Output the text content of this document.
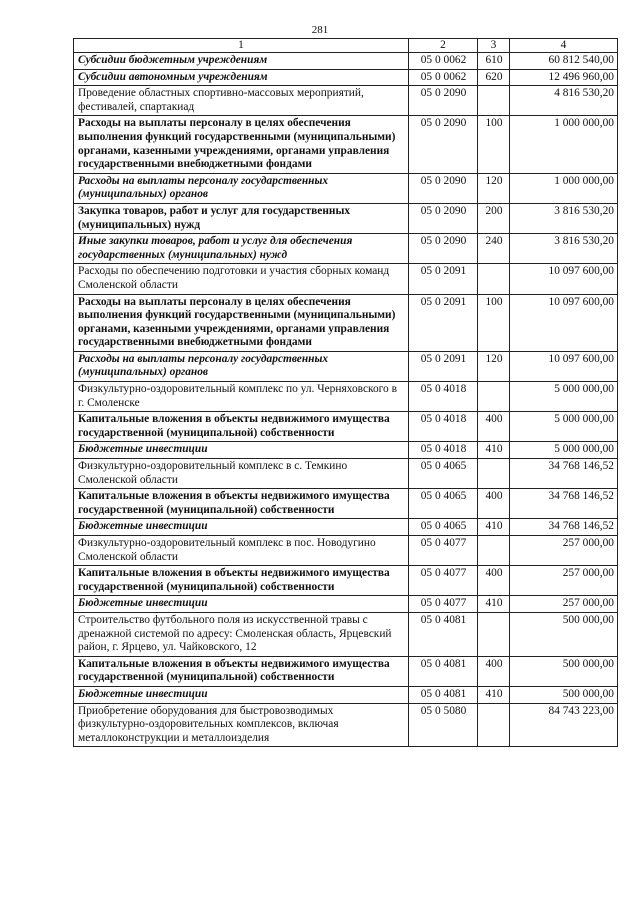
281
1	2	3	4
Субсидии бюджетным учреждениям	05 0 0062	610	60 812 540,00
Субсидии автономным учреждениям	05 0 0062	620	12 496 960,00
Проведение областных спортивно-массовых мероприятий, фестивалей, спартакиад	05 0 2090		4 816 530,20
Расходы на выплаты персоналу в целях обеспечения выполнения функций государственными (муниципальными) органами, казенными учреждениями, органами управления государственными внебюджетными фондами	05 0 2090	100	1 000 000,00
Расходы на выплаты персоналу государственных (муниципальных) органов	05 0 2090	120	1 000 000,00
Закупка товаров, работ и услуг для государственных (муниципальных) нужд	05 0 2090	200	3 816 530,20
Иные закупки товаров, работ и услуг для обеспечения государственных (муниципальных) нужд	05 0 2090	240	3 816 530,20
Расходы по обеспечению подготовки и участия сборных команд Смоленской области	05 0 2091		10 097 600,00
Расходы на выплаты персоналу в целях обеспечения выполнения функций государственными (муниципальными) органами, казенными учреждениями, органами управления государственными внебюджетными фондами	05 0 2091	100	10 097 600,00
Расходы на выплаты персоналу государственных (муниципальных) органов	05 0 2091	120	10 097 600,00
Физкультурно-оздоровительный комплекс по ул. Черняховского в г. Смоленске	05 0 4018		5 000 000,00
Капитальные вложения в объекты недвижимого имущества государственной (муниципальной) собственности	05 0 4018	400	5 000 000,00
Бюджетные инвестиции	05 0 4018	410	5 000 000,00
Физкультурно-оздоровительный комплекс в с. Темкино Смоленской области	05 0 4065		34 768 146,52
Капитальные вложения в объекты недвижимого имущества государственной (муниципальной) собственности	05 0 4065	400	34 768 146,52
Бюджетные инвестиции	05 0 4065	410	34 768 146,52
Физкультурно-оздоровительный комплекс в пос. Новодугино Смоленской области	05 0 4077		257 000,00
Капитальные вложения в объекты недвижимого имущества государственной (муниципальной) собственности	05 0 4077	400	257 000,00
Бюджетные инвестиции	05 0 4077	410	257 000,00
Строительство футбольного поля из искусственной травы с дренажной системой по адресу: Смоленская область, Ярцевский район, г. Ярцево, ул. Чайковского, 12	05 0 4081		500 000,00
Капитальные вложения в объекты недвижимого имущества государственной (муниципальной) собственности	05 0 4081	400	500 000,00
Бюджетные инвестиции	05 0 4081	410	500 000,00
Приобретение оборудования для быстровозводимых физкультурно-оздоровительных комплексов, включая металлоконструкции и металлоизделия	05 0 5080		84 743 223,00
